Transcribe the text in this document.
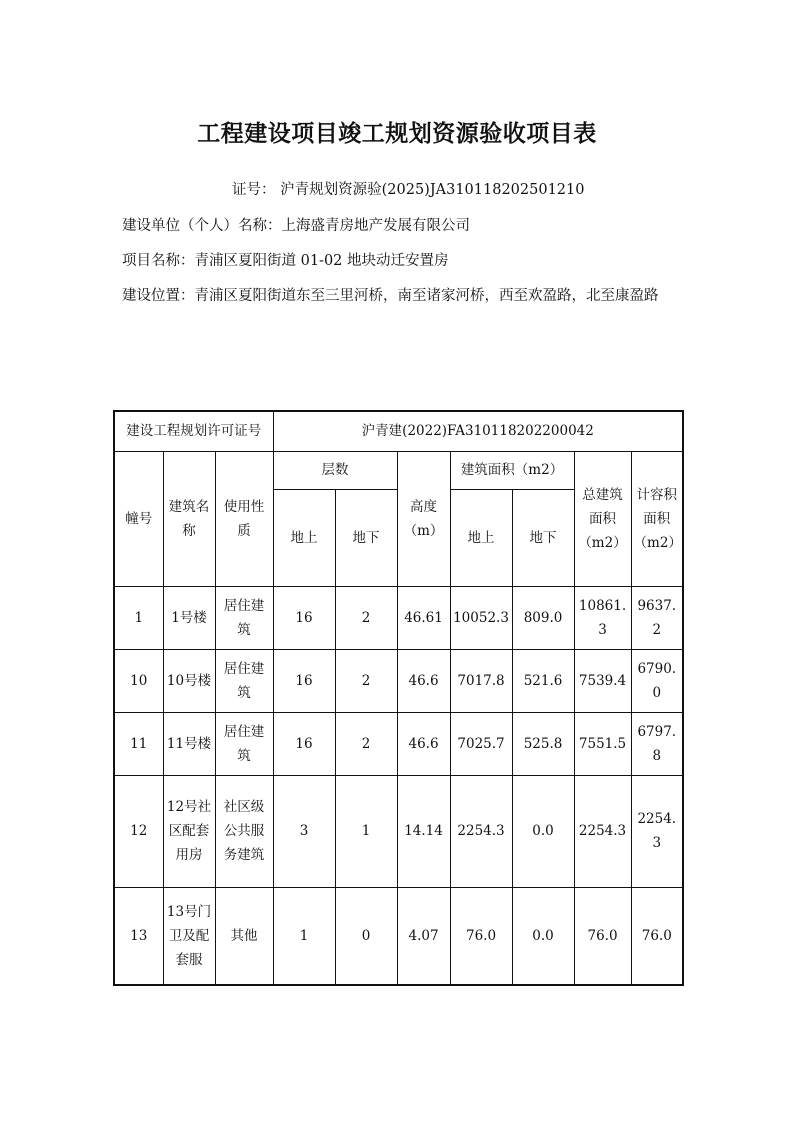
工程建设项目竣工规划资源验收项目表
证号： 沪青规划资源验(2025)JA310118202501210
建设单位（个人）名称：上海盛青房地产发展有限公司
项目名称：青浦区夏阳街道 01-02 地块动迁安置房
建设位置：青浦区夏阳街道东至三里河桥，南至诸家河桥，西至欢盈路，北至康盈路
建设工程规划许可证号			沪青建(2022)FA310118202200042						
幢号	建筑名称	使用性质	层数		高度（m）	建筑面积（m2）		总建筑面积（m2）	计容积面积（m2）
			地上	地下		地上	地下		
1	1号楼	居住建筑	16	2	46.61	10052.3	809.0	10861.3	9637.2
10	10号楼	居住建筑	16	2	46.6	7017.8	521.6	7539.4	6790.0
11	11号楼	居住建筑	16	2	46.6	7025.7	525.8	7551.5	6797.8
12	12号社区配套用房	社区级公共服务建筑	3	1	14.14	2254.3	0.0	2254.3	2254.3
13	13号门卫及配套服	其他	1	0	4.07	76.0	0.0	76.0	76.0
